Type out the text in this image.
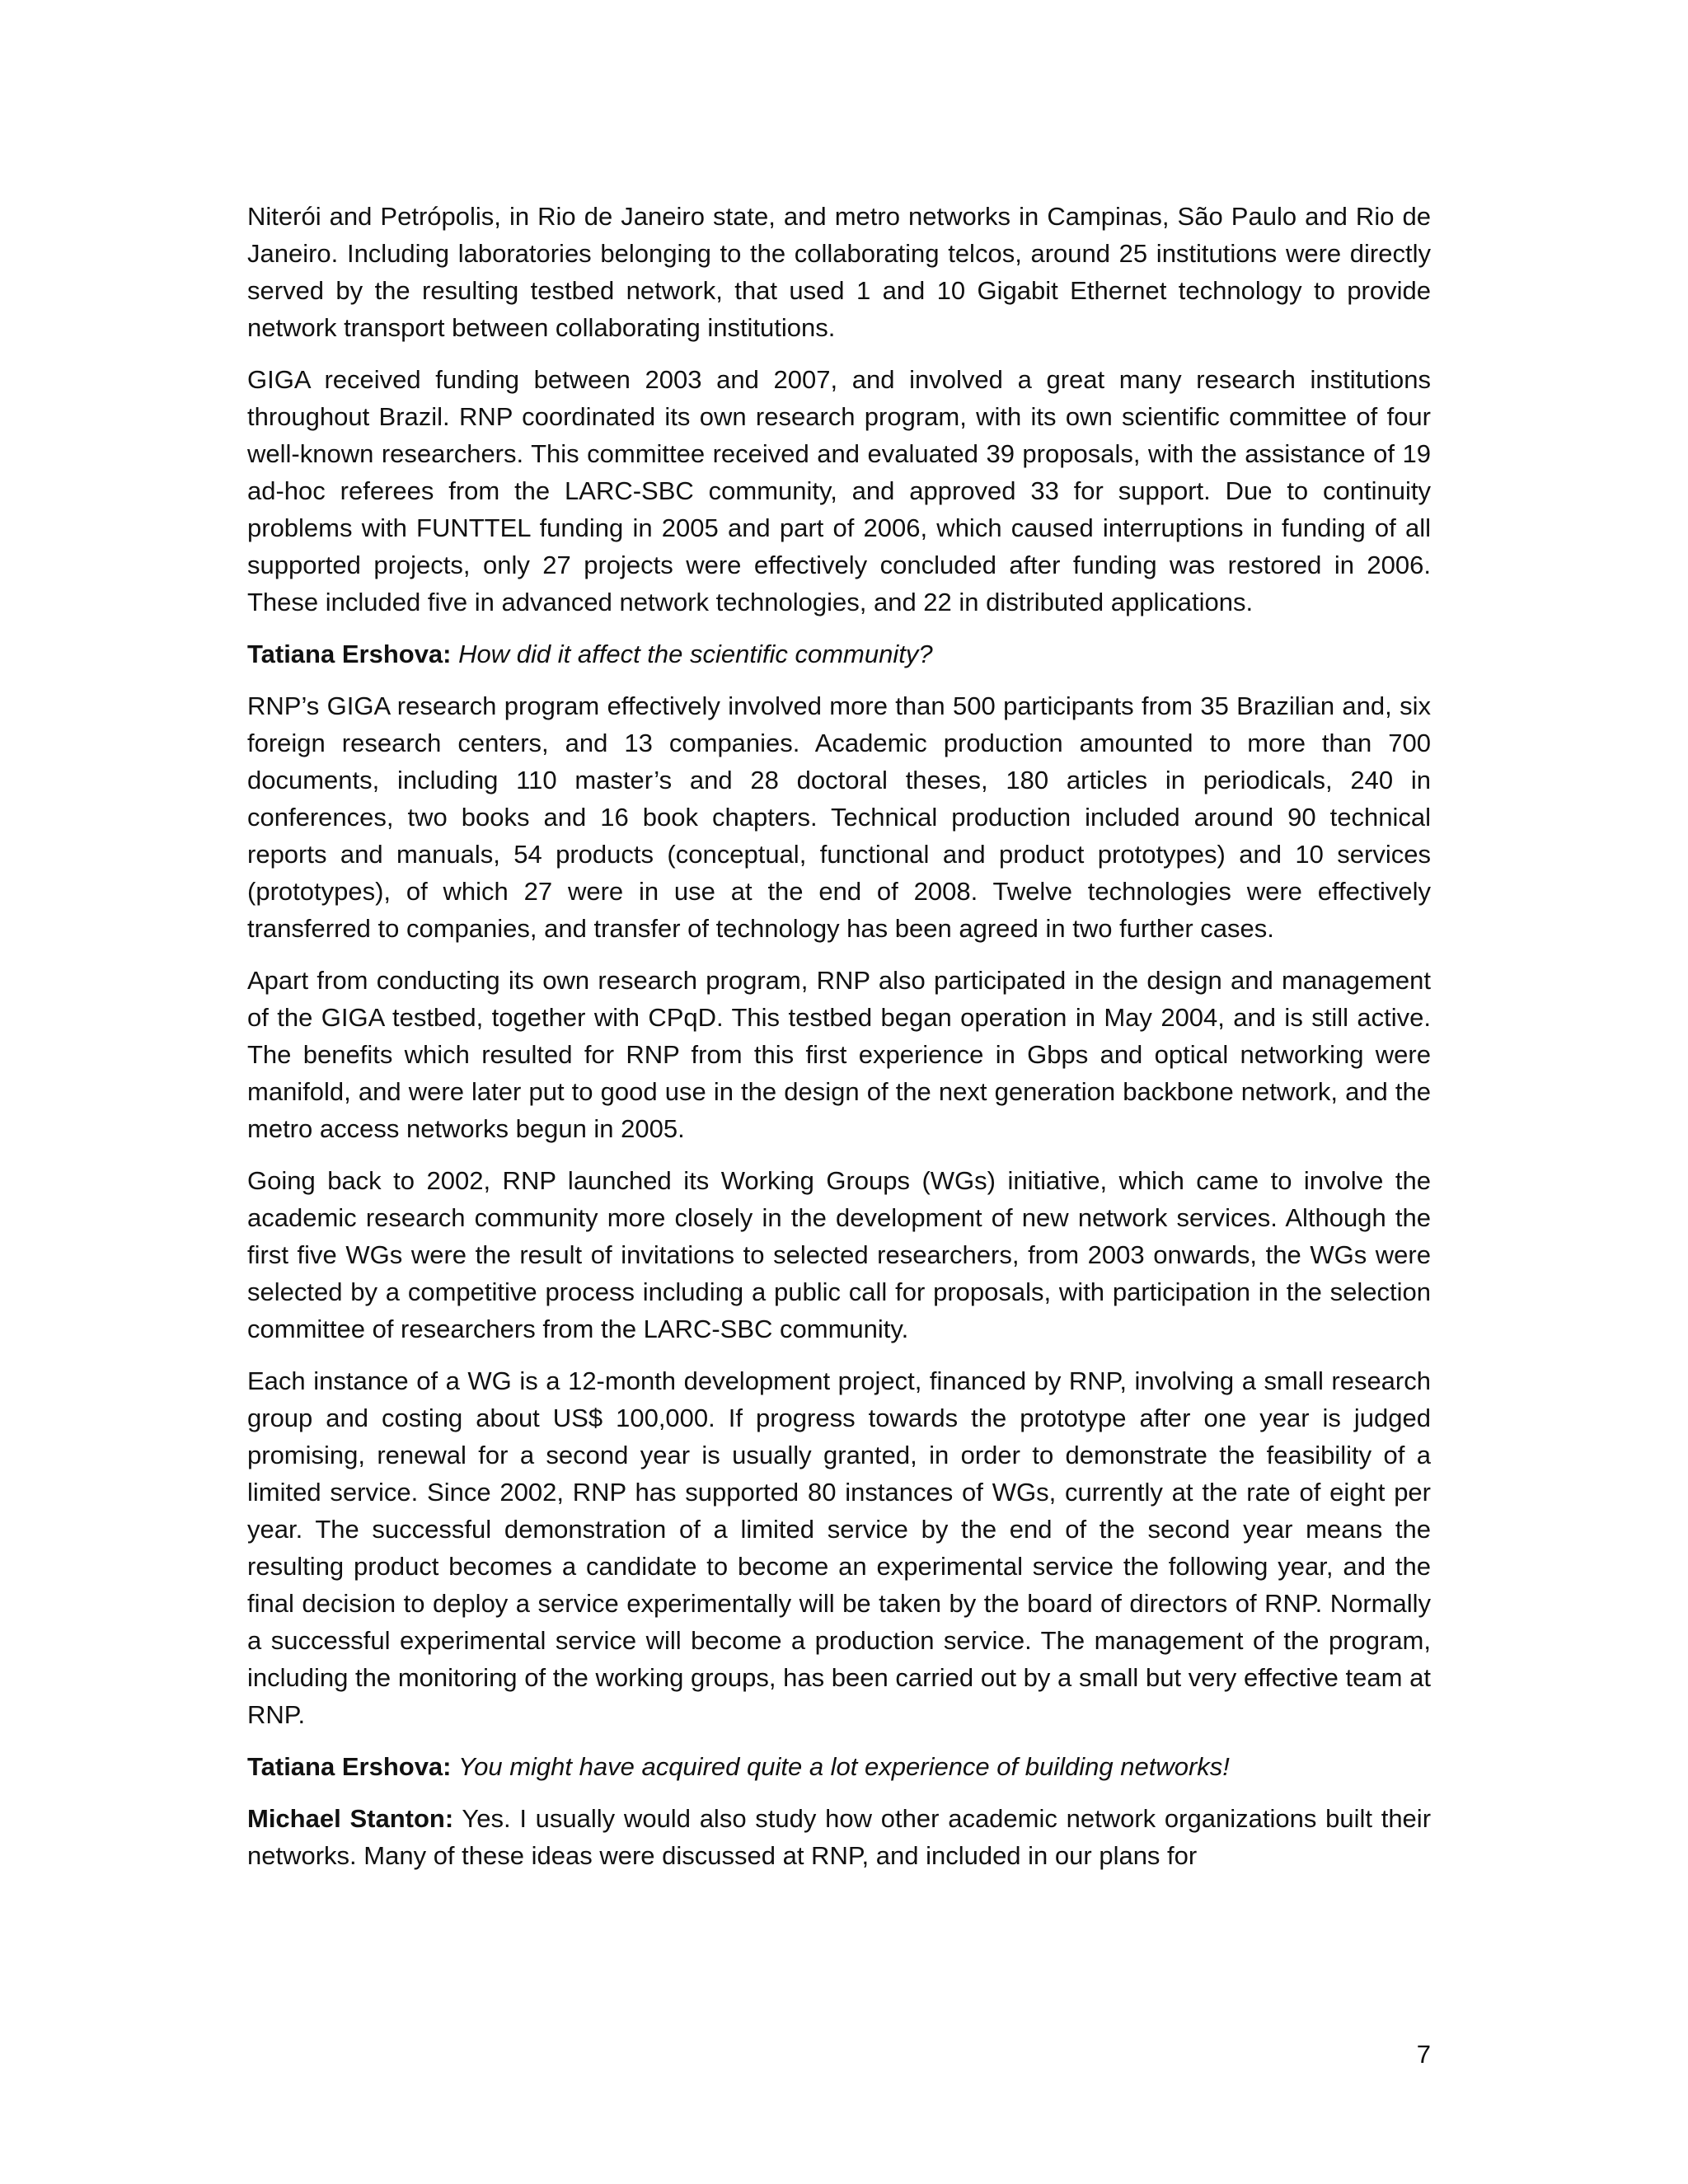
Niterói and Petrópolis, in Rio de Janeiro state, and metro networks in Campinas, São Paulo and Rio de Janeiro. Including laboratories belonging to the collaborating telcos, around 25 institutions were directly served by the resulting testbed network, that used 1 and 10 Gigabit Ethernet technology to provide network transport between collaborating institutions.

GIGA received funding between 2003 and 2007, and involved a great many research institutions throughout Brazil. RNP coordinated its own research program, with its own scientific committee of four well-known researchers. This committee received and evaluated 39 proposals, with the assistance of 19 ad-hoc referees from the LARC-SBC community, and approved 33 for support. Due to continuity problems with FUNTTEL funding in 2005 and part of 2006, which caused interruptions in funding of all supported projects, only 27 projects were effectively concluded after funding was restored in 2006. These included five in advanced network technologies, and 22 in distributed applications.

Tatiana Ershova: How did it affect the scientific community?

RNP’s GIGA research program effectively involved more than 500 participants from 35 Brazilian and, six foreign research centers, and 13 companies. Academic production amounted to more than 700 documents, including 110 master’s and 28 doctoral theses, 180 articles in periodicals, 240 in conferences, two books and 16 book chapters. Technical production included around 90 technical reports and manuals, 54 products (conceptual, functional and product prototypes) and 10 services (prototypes), of which 27 were in use at the end of 2008. Twelve technologies were effectively transferred to companies, and transfer of technology has been agreed in two further cases.

Apart from conducting its own research program, RNP also participated in the design and management of the GIGA testbed, together with CPqD. This testbed began operation in May 2004, and is still active. The benefits which resulted for RNP from this first experience in Gbps and optical networking were manifold, and were later put to good use in the design of the next generation backbone network, and the metro access networks begun in 2005.

Going back to 2002, RNP launched its Working Groups (WGs) initiative, which came to involve the academic research community more closely in the development of new network services. Although the first five WGs were the result of invitations to selected researchers, from 2003 onwards, the WGs were selected by a competitive process including a public call for proposals, with participation in the selection committee of researchers from the LARC-SBC community.

Each instance of a WG is a 12-month development project, financed by RNP, involving a small research group and costing about US$ 100,000. If progress towards the prototype after one year is judged promising, renewal for a second year is usually granted, in order to demonstrate the feasibility of a limited service. Since 2002, RNP has supported 80 instances of WGs, currently at the rate of eight per year. The successful demonstration of a limited service by the end of the second year means the resulting product becomes a candidate to become an experimental service the following year, and the final decision to deploy a service experimentally will be taken by the board of directors of RNP. Normally a successful experimental service will become a production service. The management of the program, including the monitoring of the working groups, has been carried out by a small but very effective team at RNP.

Tatiana Ershova: You might have acquired quite a lot experience of building networks!

Michael Stanton: Yes. I usually would also study how other academic network organizations built their networks. Many of these ideas were discussed at RNP, and included in our plans for

7
